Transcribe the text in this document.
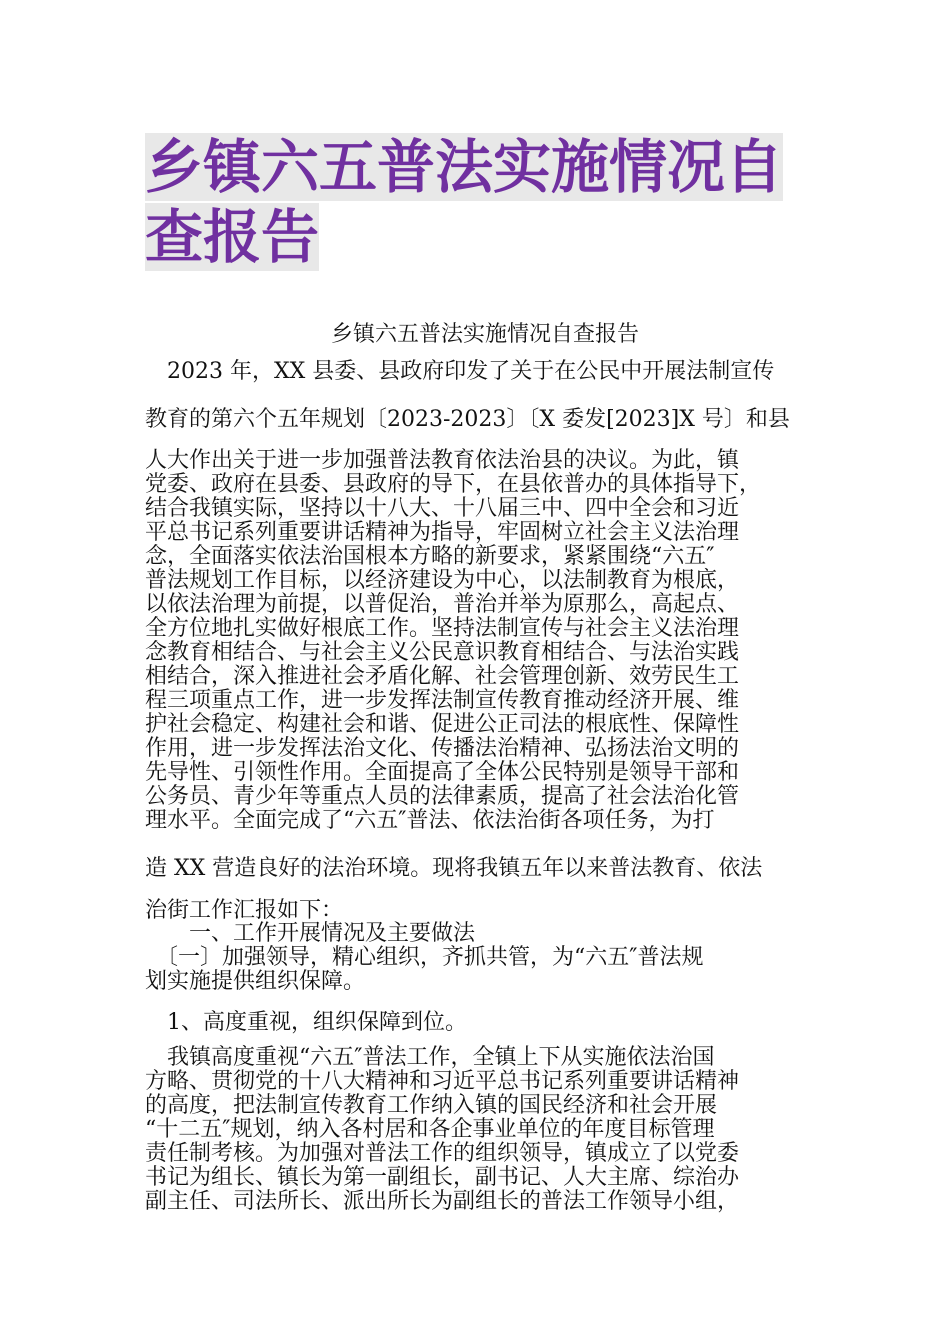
乡镇六五普法实施情况自
查报告
乡镇六五普法实施情况自查报告
　2023 年，XX 县委、县政府印发了关于在公民中开展法制宣传
教育的第六个五年规划〔2023-2023〕〔X 委发[2023]X 号〕和县
人大作出关于进一步加强普法教育依法治县的决议。为此，镇
党委、政府在县委、县政府的导下，在县依普办的具体指导下，
结合我镇实际，坚持以十八大、十八届三中、四中全会和习近
平总书记系列重要讲话精神为指导，牢固树立社会主义法治理
念，全面落实依法治国根本方略的新要求，紧紧围绕“六五″
普法规划工作目标，以经济建设为中心，以法制教育为根底，
以依法治理为前提，以普促治，普治并举为原那么，高起点、
全方位地扎实做好根底工作。坚持法制宣传与社会主义法治理
念教育相结合、与社会主义公民意识教育相结合、与法治实践
相结合，深入推进社会矛盾化解、社会管理创新、效劳民生工
程三项重点工作，进一步发挥法制宣传教育推动经济开展、维
护社会稳定、构建社会和谐、促进公正司法的根底性、保障性
作用，进一步发挥法治文化、传播法治精神、弘扬法治文明的
先导性、引领性作用。全面提高了全体公民特别是领导干部和
公务员、青少年等重点人员的法律素质，提高了社会法治化管
理水平。全面完成了“六五″普法、依法治街各项任务，为打
造 XX 营造良好的法治环境。现将我镇五年以来普法教育、依法
治街工作汇报如下：
　　一、工作开展情况及主要做法
　〔一〕加强领导，精心组织，齐抓共管，为“六五″普法规
划实施提供组织保障。
　1、高度重视，组织保障到位。
　我镇高度重视“六五″普法工作，全镇上下从实施依法治国
方略、贯彻党的十八大精神和习近平总书记系列重要讲话精神
的高度，把法制宣传教育工作纳入镇的国民经济和社会开展
“十二五″规划，纳入各村居和各企事业单位的年度目标管理
责任制考核。为加强对普法工作的组织领导，镇成立了以党委
书记为组长、镇长为第一副组长，副书记、人大主席、综治办
副主任、司法所长、派出所长为副组长的普法工作领导小组，
